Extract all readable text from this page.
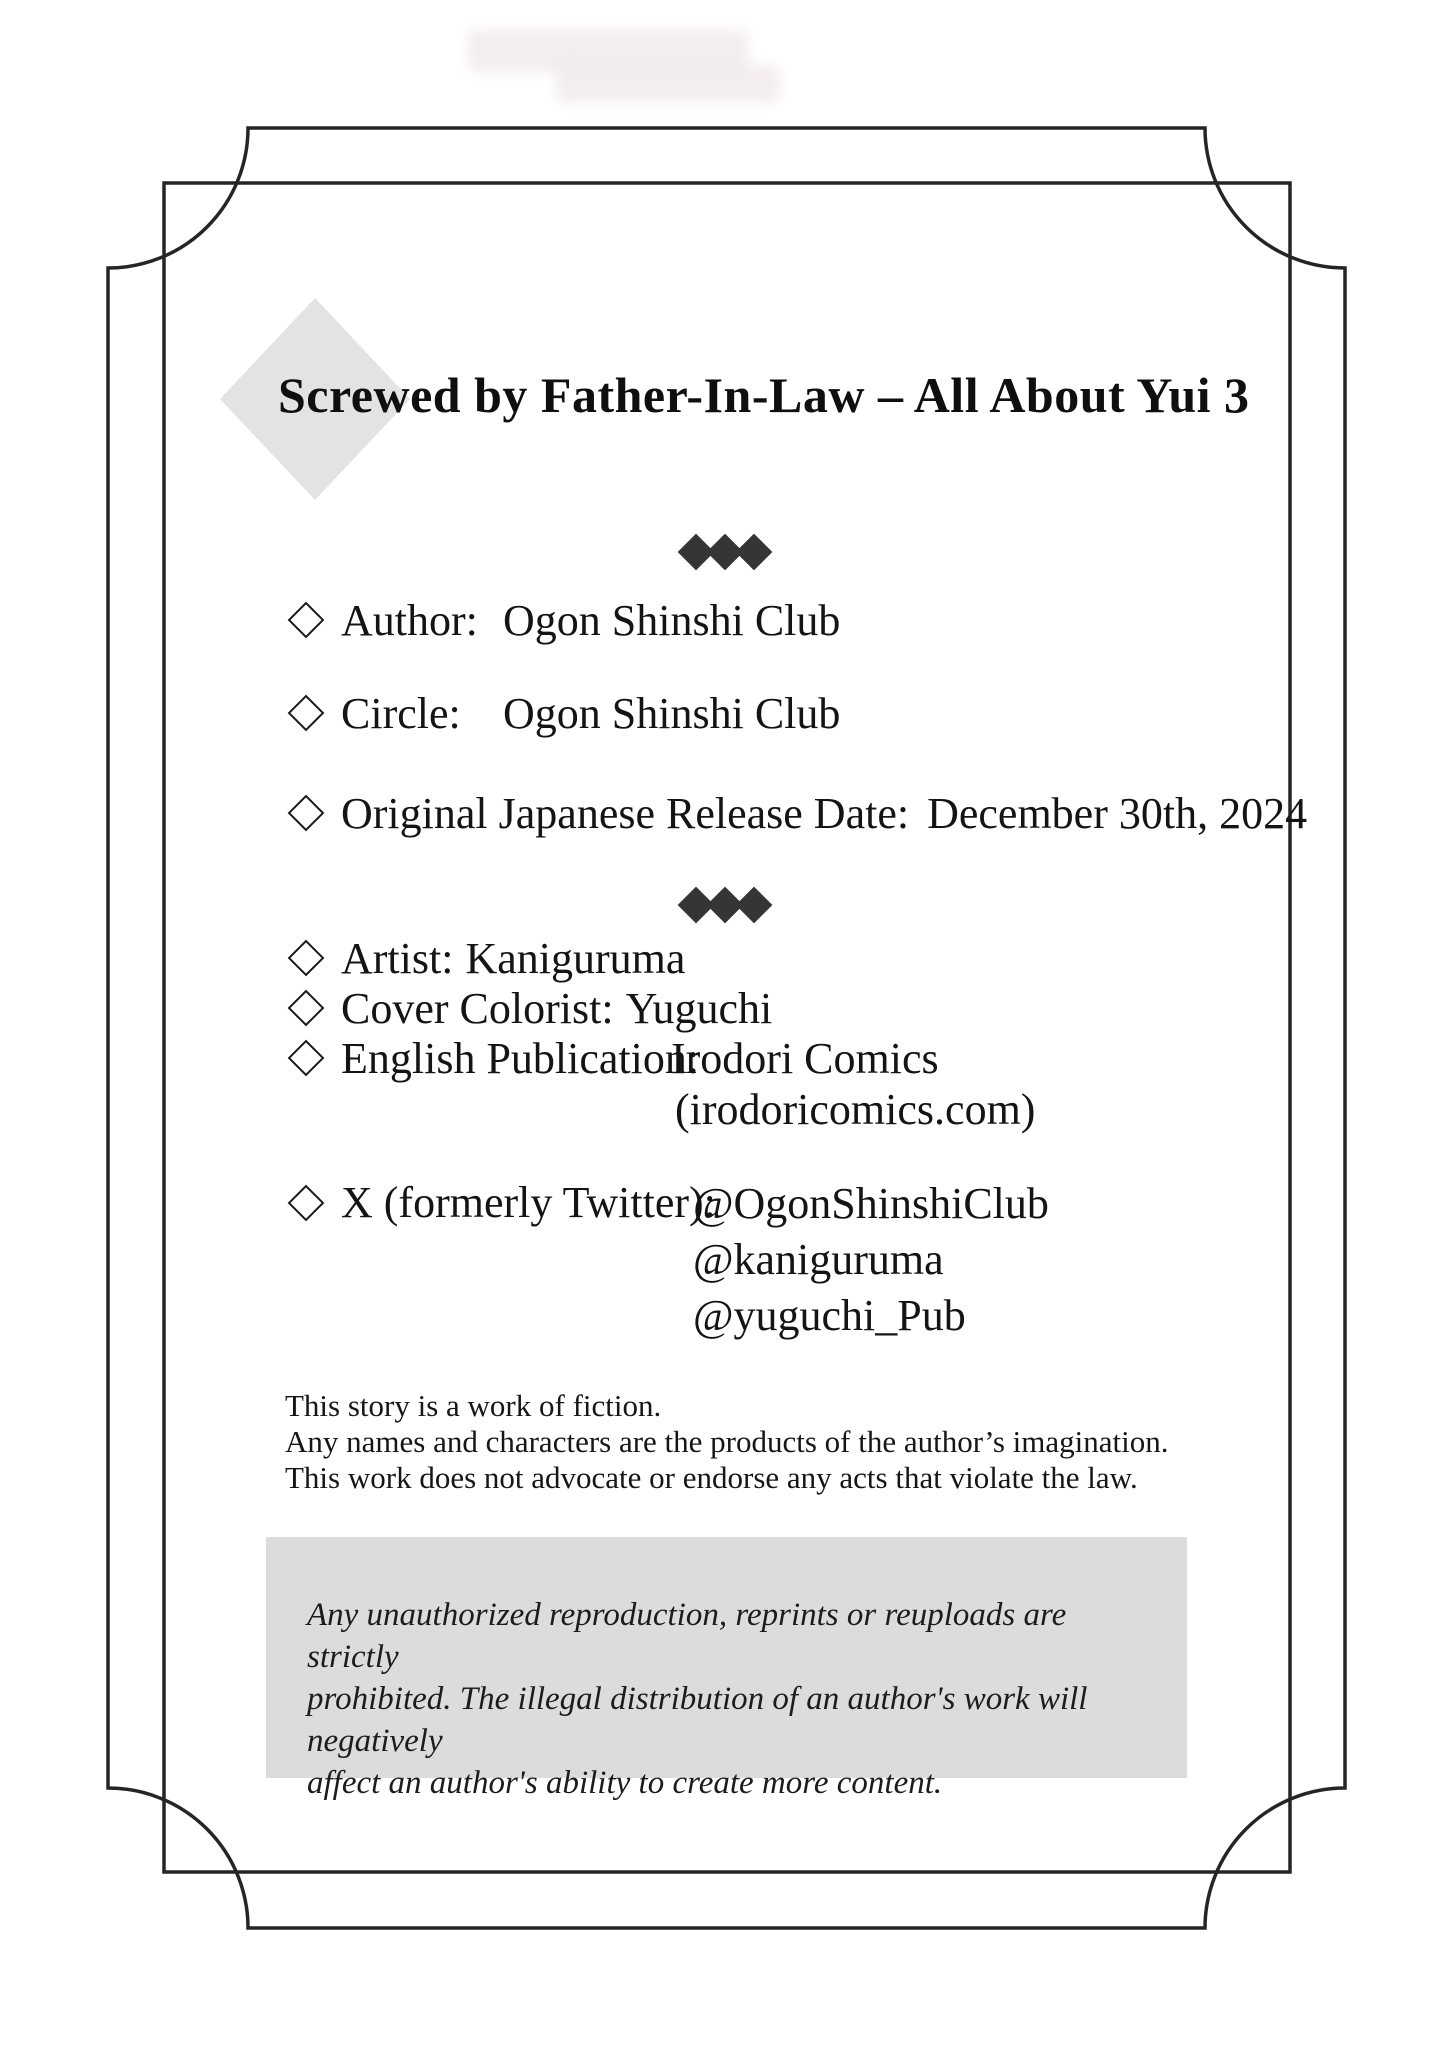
Screwed by Father-In-Law – All About Yui 3
Author: Ogon Shinshi Club
Circle: Ogon Shinshi Club
Original Japanese Release Date: December 30th, 2024
Artist: Kaniguruma
Cover Colorist: Yuguchi
English Publication:
Irodori Comics
(irodoricomics.com)
X (formerly Twitter):
@OgonShinshiClub
@kaniguruma
@yuguchi_Pub
This story is a work of fiction.
Any names and characters are the products of the author’s imagination.
This work does not advocate or endorse any acts that violate the law.
Any unauthorized reproduction, reprints or reuploads are strictly
prohibited. The illegal distribution of an author's work will negatively
affect an author's ability to create more content.
